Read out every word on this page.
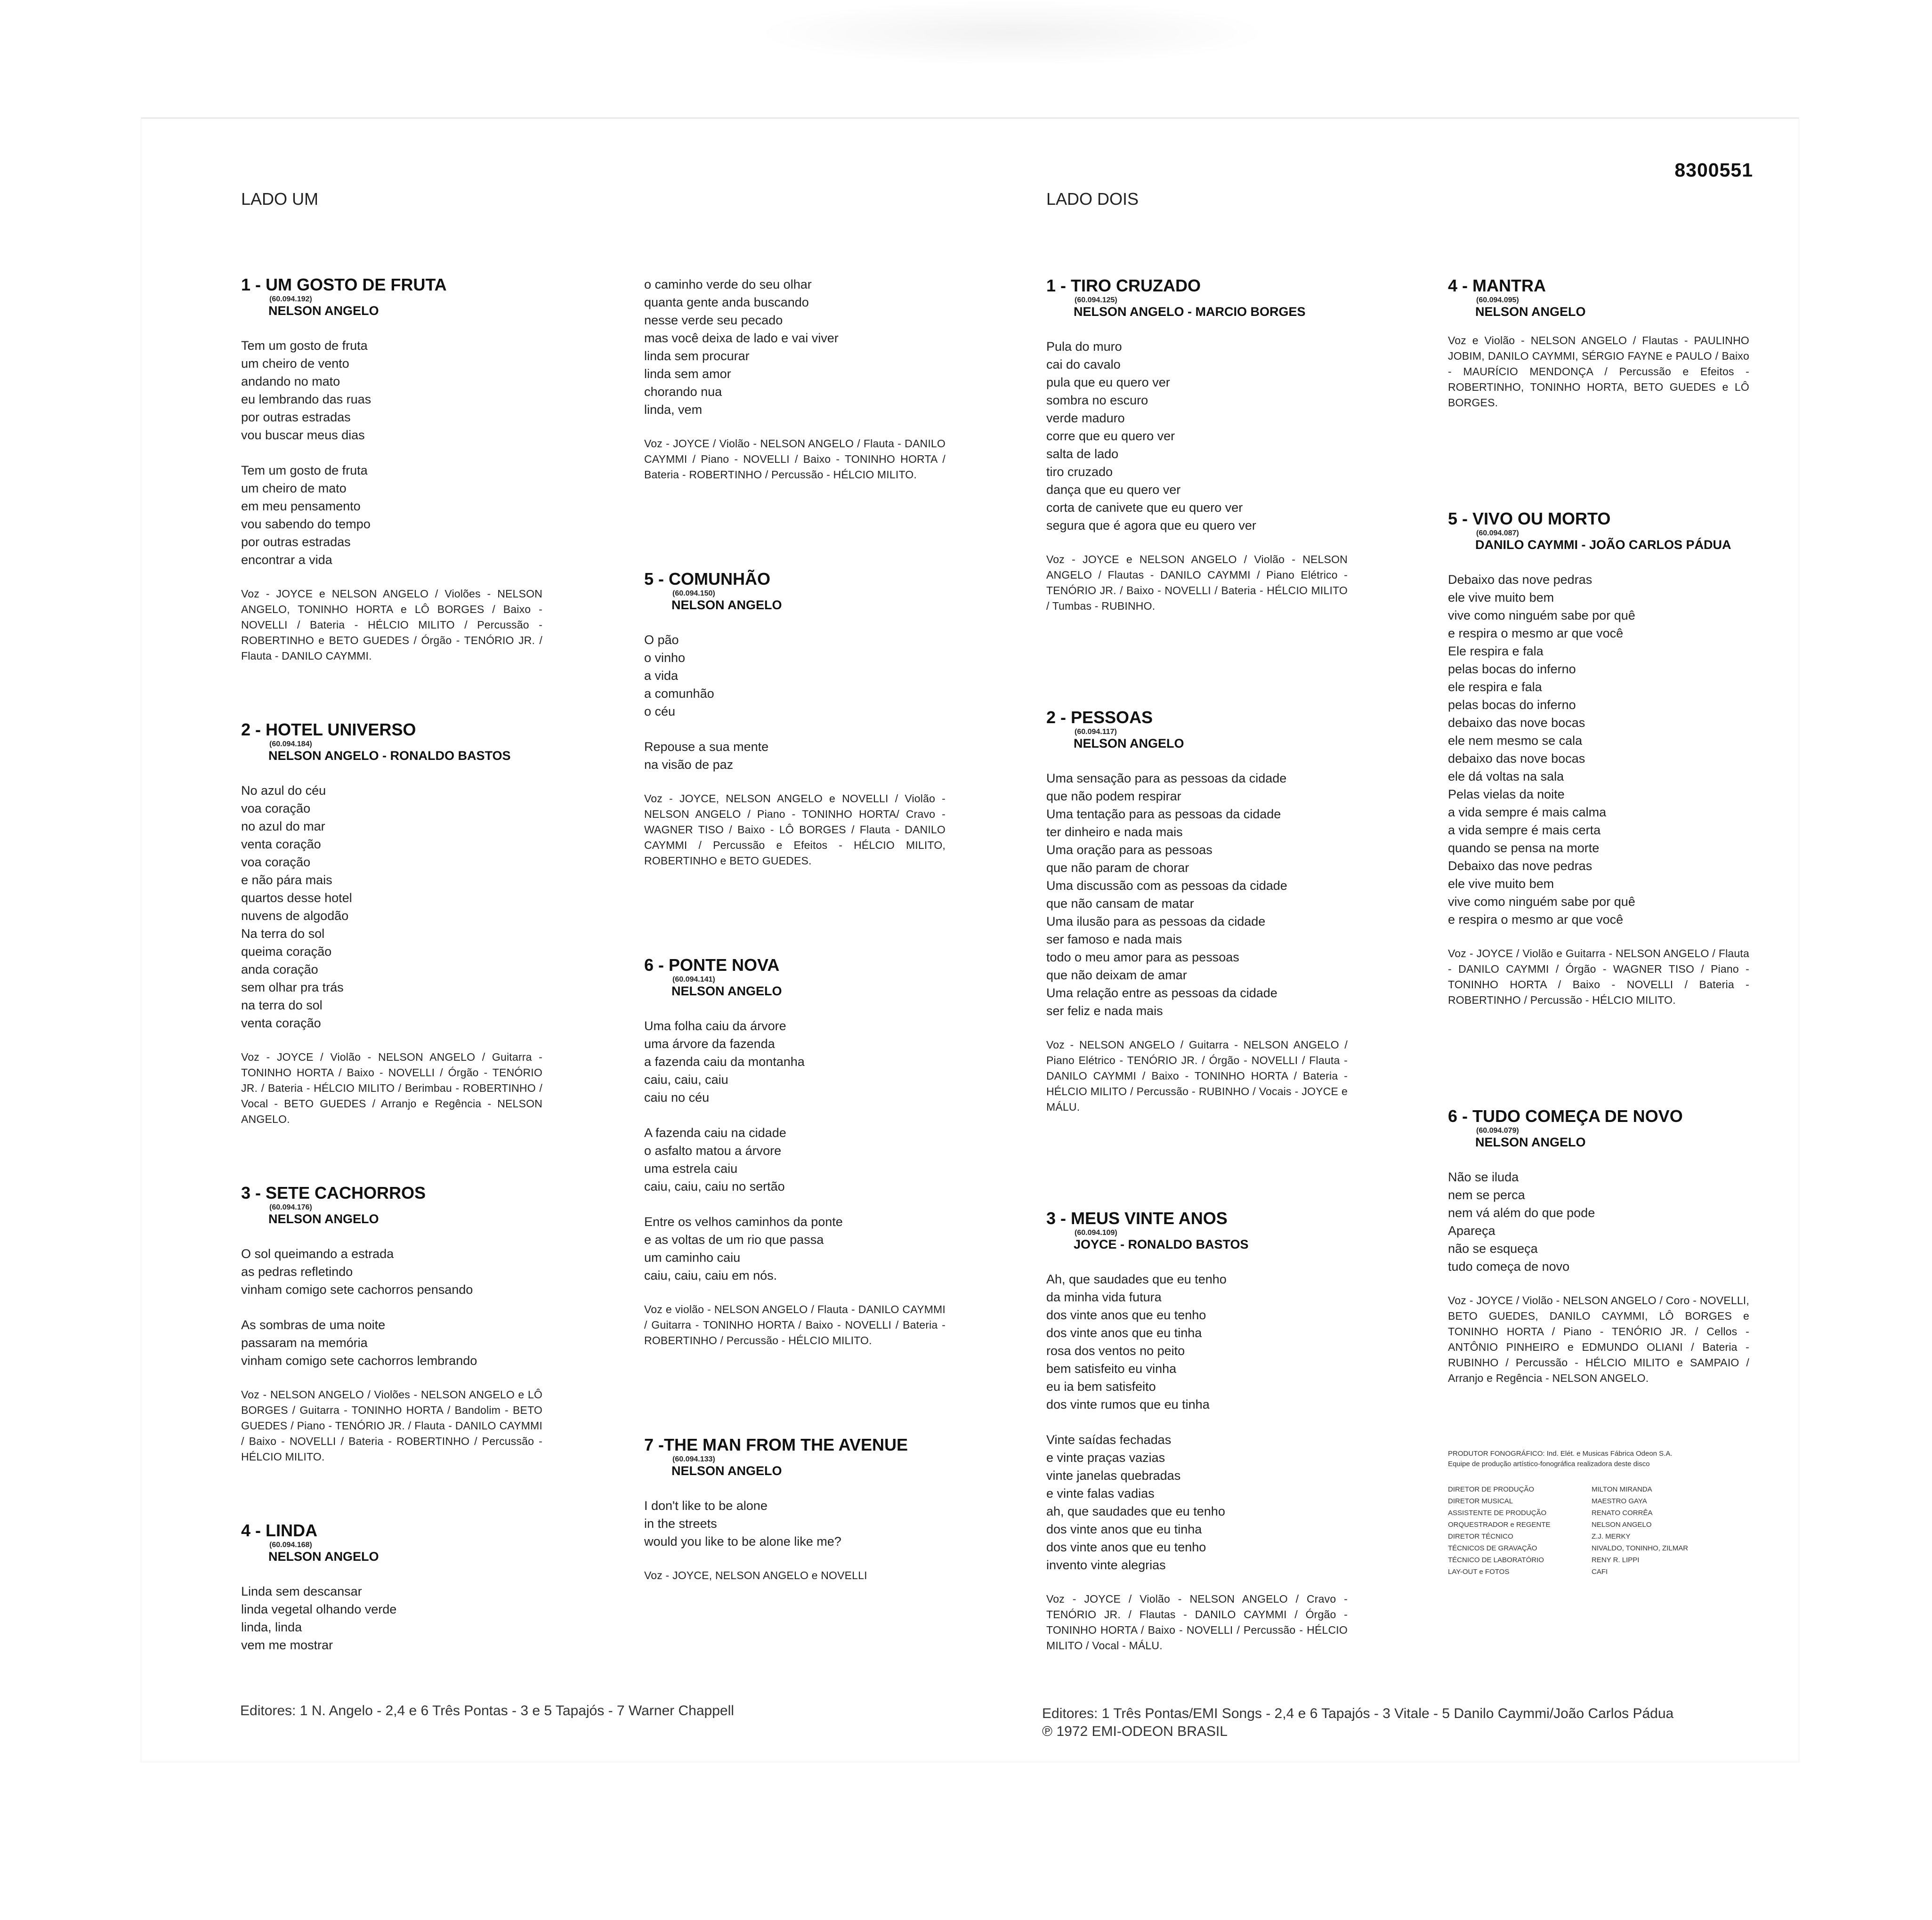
8300551
LADO UM	LADO DOIS
1 - UM GOSTO DE FRUTA
(60.094.192)
NELSON ANGELO
Tem um gosto de fruta
um cheiro de vento
andando no mato
eu lembrando das ruas
por outras estradas
vou buscar meus dias
Tem um gosto de fruta
um cheiro de mato
em meu pensamento
vou sabendo do tempo
por outras estradas
encontrar a vida
Voz - JOYCE e NELSON ANGELO / Violões - NELSON ANGELO, TONINHO HORTA e LÔ BORGES / Baixo - NOVELLI / Bateria - HÉLCIO MILITO / Percussão - ROBERTINHO e BETO GUEDES / Órgão - TENÓRIO JR. / Flauta - DANILO CAYMMI.
2 - HOTEL UNIVERSO
(60.094.184)
NELSON ANGELO - RONALDO BASTOS
No azul do céu
voa coração
no azul do mar
venta coração
voa coração
e não pára mais
quartos desse hotel
nuvens de algodão
Na terra do sol
queima coração
anda coração
sem olhar pra trás
na terra do sol
venta coração
Voz - JOYCE / Violão - NELSON ANGELO / Guitarra - TONINHO HORTA / Baixo - NOVELLI / Órgão - TENÓRIO JR. / Bateria - HÉLCIO MILITO / Berimbau - ROBERTINHO / Vocal - BETO GUEDES / Arranjo e Regência - NELSON ANGELO.
3 - SETE CACHORROS
(60.094.176)
NELSON ANGELO
O sol queimando a estrada
as pedras refletindo
vinham comigo sete cachorros pensando
As sombras de uma noite
passaram na memória
vinham comigo sete cachorros lembrando
Voz - NELSON ANGELO / Violões - NELSON ANGELO e LÔ BORGES / Guitarra - TONINHO HORTA / Bandolim - BETO GUEDES / Piano - TENÓRIO JR. / Flauta - DANILO CAYMMI / Baixo - NOVELLI / Bateria - ROBERTINHO / Percussão - HÉLCIO MILITO.
4 - LINDA
(60.094.168)
NELSON ANGELO
Linda sem descansar
linda vegetal olhando verde
linda, linda
vem me mostrar
o caminho verde do seu olhar
quanta gente anda buscando
nesse verde seu pecado
mas você deixa de lado e vai viver
linda sem procurar
linda sem amor
chorando nua
linda, vem
Voz - JOYCE / Violão - NELSON ANGELO / Flauta - DANILO CAYMMI / Piano - NOVELLI / Baixo - TONINHO HORTA / Bateria - ROBERTINHO / Percussão - HÉLCIO MILITO.
5 - COMUNHÃO
(60.094.150)
NELSON ANGELO
O pão
o vinho
a vida
a comunhão
o céu
Repouse a sua mente
na visão de paz
Voz - JOYCE, NELSON ANGELO e NOVELLI / Violão - NELSON ANGELO / Piano - TONINHO HORTA/ Cravo - WAGNER TISO / Baixo - LÔ BORGES / Flauta - DANILO CAYMMI / Percussão e Efeitos - HÉLCIO MILITO, ROBERTINHO e BETO GUEDES.
6 - PONTE NOVA
(60.094.141)
NELSON ANGELO
Uma folha caiu da árvore
uma árvore da fazenda
a fazenda caiu da montanha
caiu, caiu, caiu
caiu no céu
A fazenda caiu na cidade
o asfalto matou a árvore
uma estrela caiu
caiu, caiu, caiu no sertão
Entre os velhos caminhos da ponte
e as voltas de um rio que passa
um caminho caiu
caiu, caiu, caiu em nós.
Voz e violão - NELSON ANGELO / Flauta - DANILO CAYMMI / Guitarra - TONINHO HORTA / Baixo - NOVELLI / Bateria - ROBERTINHO / Percussão - HÉLCIO MILITO.
7 -THE MAN FROM THE AVENUE
(60.094.133)
NELSON ANGELO
I don't like to be alone
in the streets
would you like to be alone like me?
Voz - JOYCE, NELSON ANGELO e NOVELLI
1 - TIRO CRUZADO
(60.094.125)
NELSON ANGELO - MARCIO BORGES
Pula do muro
cai do cavalo
pula que eu quero ver
sombra no escuro
verde maduro
corre que eu quero ver
salta de lado
tiro cruzado
dança que eu quero ver
corta de canivete que eu quero ver
segura que é agora que eu quero ver
Voz - JOYCE e NELSON ANGELO / Violão - NELSON ANGELO / Flautas - DANILO CAYMMI / Piano Elétrico - TENÓRIO JR. / Baixo - NOVELLI / Bateria - HÉLCIO MILITO / Tumbas - RUBINHO.
2 - PESSOAS
(60.094.117)
NELSON ANGELO
Uma sensação para as pessoas da cidade
que não podem respirar
Uma tentação para as pessoas da cidade
ter dinheiro e nada mais
Uma oração para as pessoas
que não param de chorar
Uma discussão com as pessoas da cidade
que não cansam de matar
Uma ilusão para as pessoas da cidade
ser famoso e nada mais
todo o meu amor para as pessoas
que não deixam de amar
Uma relação entre as pessoas da cidade
ser feliz e nada mais
Voz - NELSON ANGELO / Guitarra - NELSON ANGELO / Piano Elétrico - TENÓRIO JR. / Órgão - NOVELLI / Flauta - DANILO CAYMMI / Baixo - TONINHO HORTA / Bateria - HÉLCIO MILITO / Percussão - RUBINHO / Vocais - JOYCE e MÁLU.
3 - MEUS VINTE ANOS
(60.094.109)
JOYCE - RONALDO BASTOS
Ah, que saudades que eu tenho
da minha vida futura
dos vinte anos que eu tenho
dos vinte anos que eu tinha
rosa dos ventos no peito
bem satisfeito eu vinha
eu ia bem satisfeito
dos vinte rumos que eu tinha
Vinte saídas fechadas
e vinte praças vazias
vinte janelas quebradas
e vinte falas vadias
ah, que saudades que eu tenho
dos vinte anos que eu tinha
dos vinte anos que eu tenho
invento vinte alegrias
Voz - JOYCE / Violão - NELSON ANGELO / Cravo - TENÓRIO JR. / Flautas - DANILO CAYMMI / Órgão - TONINHO HORTA / Baixo - NOVELLI / Percussão - HÉLCIO MILITO / Vocal - MÁLU.
4 - MANTRA
(60.094.095)
NELSON ANGELO
Voz e Violão - NELSON ANGELO / Flautas - PAULINHO JOBIM, DANILO CAYMMI, SÉRGIO FAYNE e PAULO / Baixo - MAURÍCIO MENDONÇA / Percussão e Efeitos - ROBERTINHO, TONINHO HORTA, BETO GUEDES e LÔ BORGES.
5 - VIVO OU MORTO
(60.094.087)
DANILO CAYMMI - JOÃO CARLOS PÁDUA
Debaixo das nove pedras
ele vive muito bem
vive como ninguém sabe por quê
e respira o mesmo ar que você
Ele respira e fala
pelas bocas do inferno
ele respira e fala
pelas bocas do inferno
debaixo das nove bocas
ele nem mesmo se cala
debaixo das nove bocas
ele dá voltas na sala
Pelas vielas da noite
a vida sempre é mais calma
a vida sempre é mais certa
quando se pensa na morte
Debaixo das nove pedras
ele vive muito bem
vive como ninguém sabe por quê
e respira o mesmo ar que você
Voz - JOYCE / Violão e Guitarra - NELSON ANGELO / Flauta - DANILO CAYMMI / Órgão - WAGNER TISO / Piano - TONINHO HORTA / Baixo - NOVELLI / Bateria - ROBERTINHO / Percussão - HÉLCIO MILITO.
6 - TUDO COMEÇA DE NOVO
(60.094.079)
NELSON ANGELO
Não se iluda
nem se perca
nem vá além do que pode
Apareça
não se esqueça
tudo começa de novo
Voz - JOYCE / Violão - NELSON ANGELO / Coro - NOVELLI, BETO GUEDES, DANILO CAYMMI, LÔ BORGES e TONINHO HORTA / Piano - TENÓRIO JR. / Cellos - ANTÔNIO PINHEIRO e EDMUNDO OLIANI / Bateria - RUBINHO / Percussão - HÉLCIO MILITO e SAMPAIO / Arranjo e Regência - NELSON ANGELO.
PRODUTOR FONOGRÁFICO: Ind. Elét. e Musicas Fábrica Odeon S.A.
Equipe de produção artístico-fonográfica realizadora deste disco
DIRETOR DE PRODUÇÃO	MILTON MIRANDA
DIRETOR MUSICAL	MAESTRO GAYA
ASSISTENTE DE PRODUÇÃO	RENATO CORRÊA
ORQUESTRADOR e REGENTE	NELSON ANGELO
DIRETOR TÉCNICO	Z.J. MERKY
TÉCNICOS DE GRAVAÇÃO	NIVALDO, TONINHO, ZILMAR
TÉCNICO DE LABORATÓRIO	RENY R. LIPPI
LAY-OUT e FOTOS	CAFI
Editores: 1 N. Angelo - 2,4 e 6 Três Pontas - 3 e 5 Tapajós - 7 Warner Chappell	Editores: 1 Três Pontas/EMI Songs - 2,4 e 6 Tapajós - 3 Vitale - 5 Danilo Caymmi/João Carlos Pádua
℗ 1972 EMI-ODEON BRASIL
